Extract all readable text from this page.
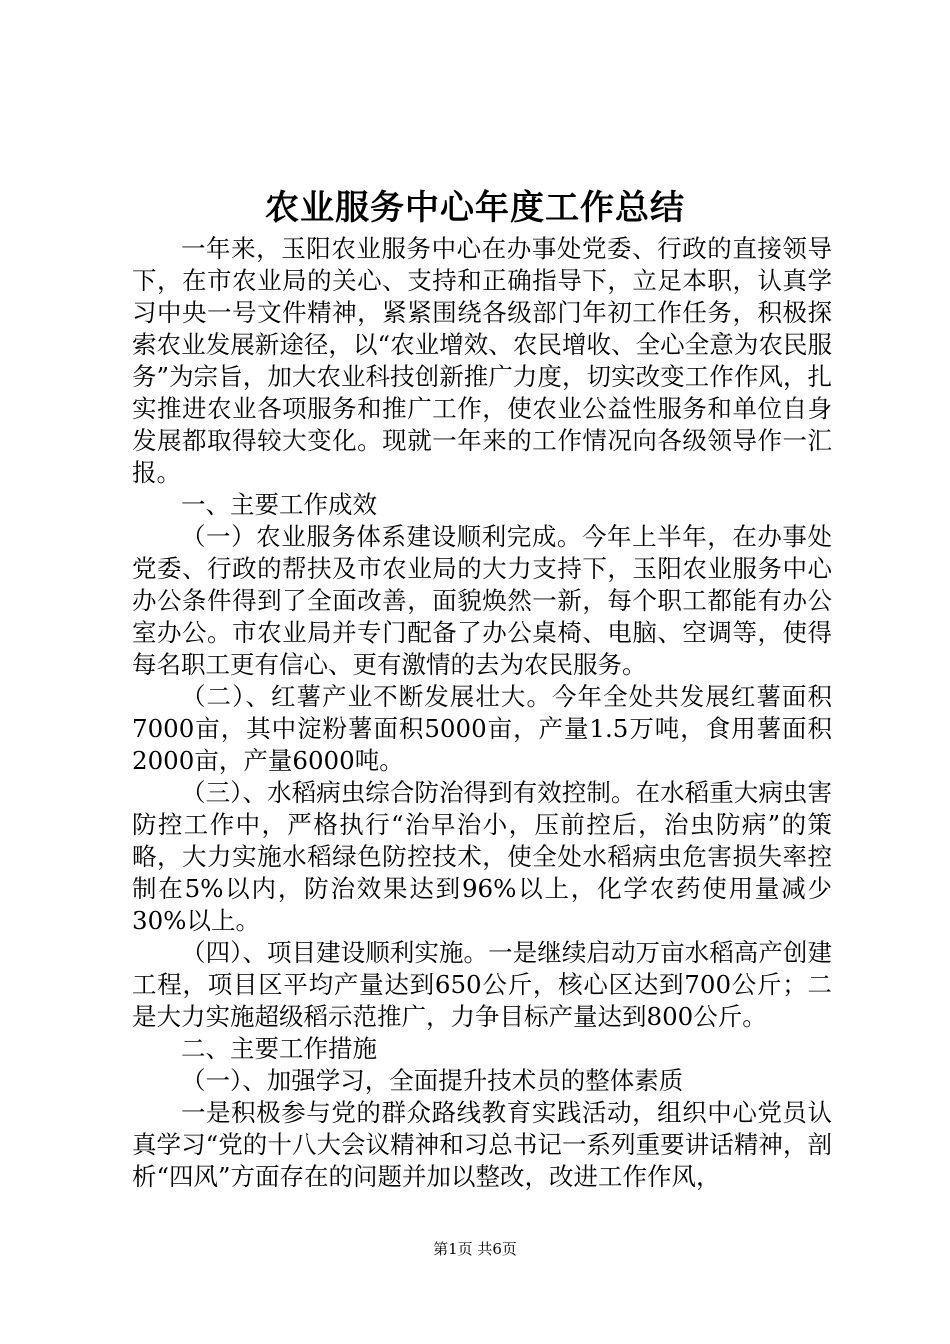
农业服务中心年度工作总结

一年来，玉阳农业服务中心在办事处党委、行政的直接领导下，在市农业局的关心、支持和正确指导下，立足本职，认真学习中央一号文件精神，紧紧围绕各级部门年初工作任务，积极探索农业发展新途径，以“农业增效、农民增收、全心全意为农民服务”为宗旨，加大农业科技创新推广力度，切实改变工作作风，扎实推进农业各项服务和推广工作，使农业公益性服务和单位自身发展都取得较大变化。现就一年来的工作情况向各级领导作一汇报。

一、主要工作成效

（一）农业服务体系建设顺利完成。今年上半年，在办事处党委、行政的帮扶及市农业局的大力支持下，玉阳农业服务中心办公条件得到了全面改善，面貌焕然一新，每个职工都能有办公室办公。市农业局并专门配备了办公桌椅、电脑、空调等，使得每名职工更有信心、更有激情的去为农民服务。

（二）、红薯产业不断发展壮大。今年全处共发展红薯面积7000亩，其中淀粉薯面积5000亩，产量1.5万吨，食用薯面积2000亩，产量6000吨。

（三）、水稻病虫综合防治得到有效控制。在水稻重大病虫害防控工作中，严格执行“治早治小，压前控后，治虫防病”的策略，大力实施水稻绿色防控技术，使全处水稻病虫危害损失率控制在5%以内，防治效果达到96%以上，化学农药使用量减少30%以上。

（四）、项目建设顺利实施。一是继续启动万亩水稻高产创建工程，项目区平均产量达到650公斤，核心区达到700公斤；二是大力实施超级稻示范推广，力争目标产量达到800公斤。

二、主要工作措施

（一）、加强学习，全面提升技术员的整体素质

一是积极参与党的群众路线教育实践活动，组织中心党员认真学习“党的十八大会议精神和习总书记一系列重要讲话精神，剖析“四风”方面存在的问题并加以整改，改进工作作风，

第1页 共6页
